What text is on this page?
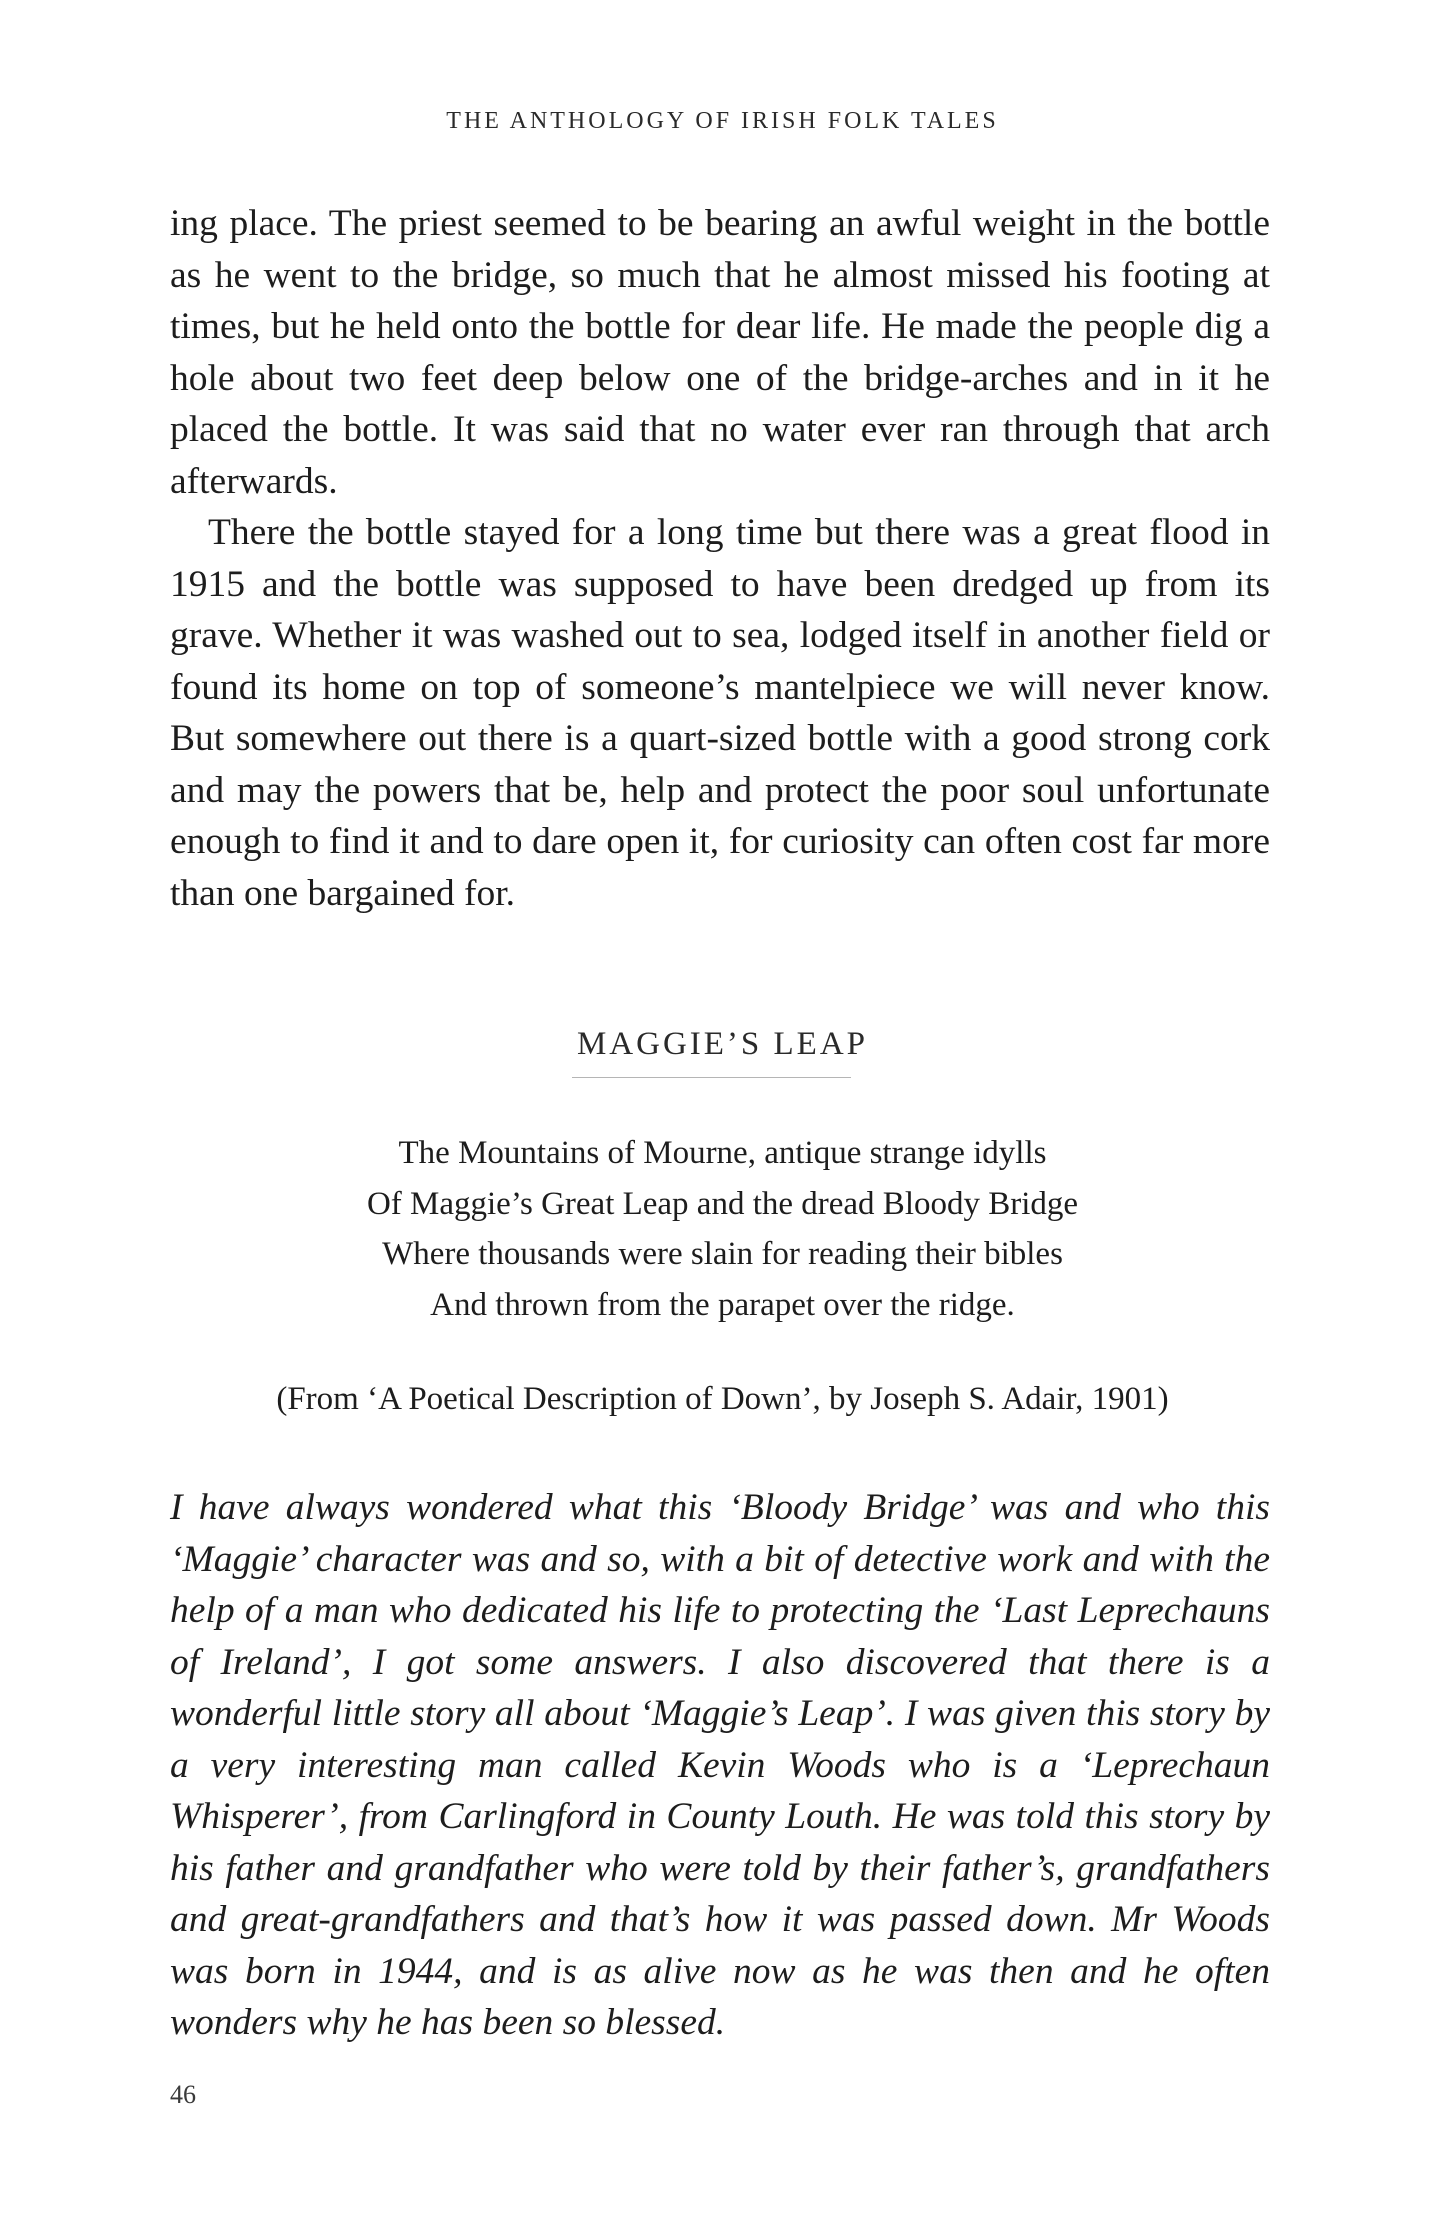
THE ANTHOLOGY OF IRISH FOLK TALES

ing place. The priest seemed to be bearing an awful weight in the bottle as he went to the bridge, so much that he almost missed his footing at times, but he held onto the bottle for dear life. He made the people dig a hole about two feet deep below one of the bridge-arches and in it he placed the bottle. It was said that no water ever ran through that arch afterwards.

There the bottle stayed for a long time but there was a great flood in 1915 and the bottle was supposed to have been dredged up from its grave. Whether it was washed out to sea, lodged itself in another field or found its home on top of someone’s mantelpiece we will never know. But somewhere out there is a quart-sized bottle with a good strong cork and may the powers that be, help and protect the poor soul unfortunate enough to find it and to dare open it, for curiosity can often cost far more than one bargained for.

MAGGIE’S LEAP
The Mountains of Mourne, antique strange idylls
Of Maggie’s Great Leap and the dread Bloody Bridge
Where thousands were slain for reading their bibles
And thrown from the parapet over the ridge.
(From ‘A Poetical Description of Down’, by Joseph S. Adair, 1901)

I have always wondered what this ‘Bloody Bridge’ was and who this ‘Maggie’ character was and so, with a bit of detective work and with the help of a man who dedicated his life to protecting the ‘Last Leprechauns of Ireland’, I got some answers. I also discovered that there is a wonderful little story all about ‘Maggie’s Leap’. I was given this story by a very interesting man called Kevin Woods who is a ‘Leprechaun Whisperer’, from Carlingford in County Louth. He was told this story by his father and grandfather who were told by their father’s, grandfathers and great-grandfathers and that’s how it was passed down. Mr Woods was born in 1944, and is as alive now as he was then and he often wonders why he has been so blessed.

46
